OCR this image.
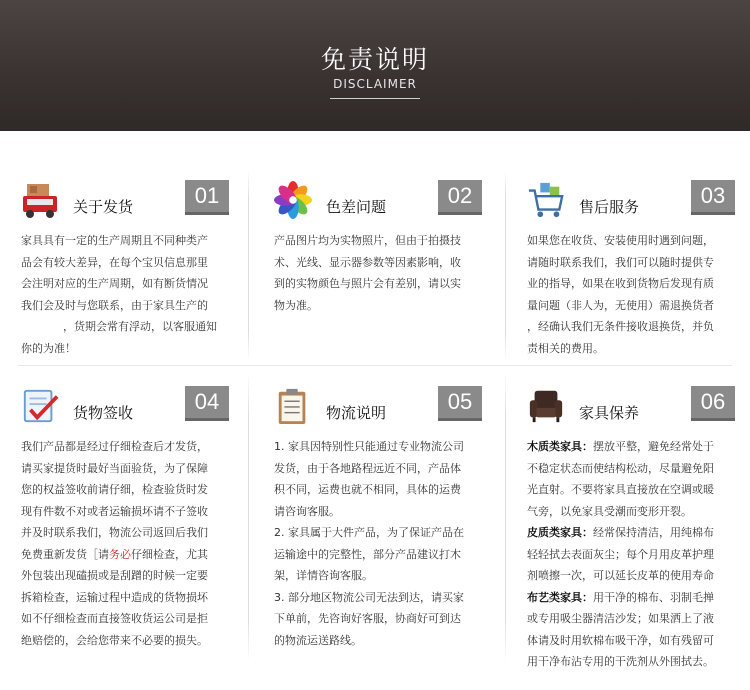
免责说明
DISCLAIMER
关于发货	01

家具具有一定的生产周期且不同种类产

品会有较大差异，在每个宝贝信息那里

会注明对应的生产周期，如有断货情况

我们会及时与您联系，由于家具生产的

，货期会常有浮动，以客服通知

你的为准！

色差问题	02

产品图片均为实物照片，但由于拍摄技

术、光线、显示器参数等因素影响，收

到的实物颜色与照片会有差别，请以实

物为准。

售后服务	03

如果您在收货、安装使用时遇到问题，

请随时联系我们，我们可以随时提供专

业的指导，如果在收到货物后发现有质

量问题（非人为，无使用）需退换货者

，经确认我们无条件接收退换货，并负

责相关的费用。

货物签收	04

我们产品都是经过仔细检查后才发货，

请买家提货时最好当面验货，为了保障

您的权益签收前请仔细，检查验货时发

现有件数不对或者运输损坏请不子签收

并及时联系我们，物流公司返回后我们

免费重新发货［请务必仔细检查，尤其

外包装出现磕损或是刮蹭的时候一定要

拆箱检查，运输过程中造成的货物损坏

如不仔细检查而直接签收货运公司是拒

绝赔偿的，会给您带来不必要的损失。

物流说明	05

1. 家具因特别性只能通过专业物流公司

发货，由于各地路程远近不同，产品体

积不同，运费也就不相同，具体的运费

请咨询客服。

2. 家具属于大件产品，为了保证产品在

运输途中的完整性，部分产品建议打木

架，详情咨询客服。

3. 部分地区物流公司无法到达，请买家

下单前，先咨询好客服，协商好可到达

的物流运送路线。

家具保养	06

木质类家具：摆放平整，避免经常处于

不稳定状态而使结构松动，尽量避免阳

光直射。不要将家具直接放在空调或暖

气旁，以免家具受潮而变形开裂。

皮质类家具：经常保持清洁，用纯棉布

轻轻拭去表面灰尘；每个月用皮革护理

剂喷擦一次，可以延长皮革的使用寿命

布艺类家具：用干净的棉布、羽制毛掸

或专用吸尘器清洁沙发；如果洒上了液

体请及时用软棉布吸干净，如有残留可

用干净布沾专用的干洗剂从外围拭去。
